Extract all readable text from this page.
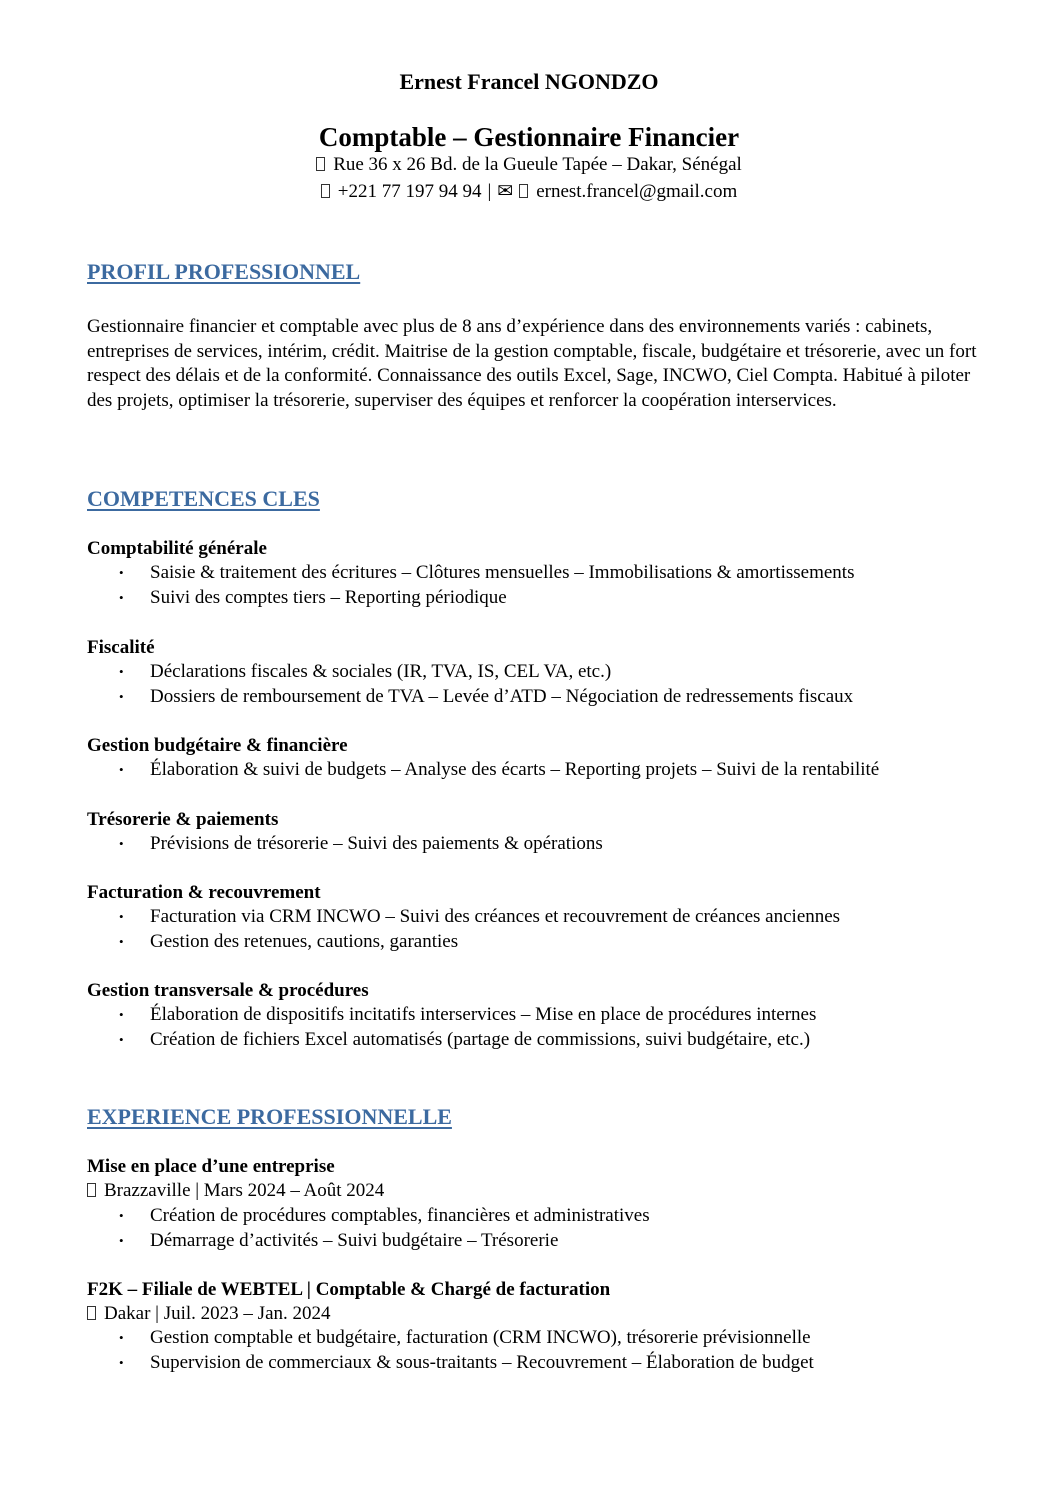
Ernest Francel NGONDZO
Comptable – Gestionnaire Financier
Rue 36 x 26 Bd. de la Gueule Tapée – Dakar, Sénégal
+221 77 197 94 94 | ✉ ernest.francel@gmail.com
PROFIL PROFESSIONNEL

Gestionnaire financier et comptable avec plus de 8 ans d’expérience dans des environnements variés : cabinets, entreprises de services, intérim, crédit. Maitrise de la gestion comptable, fiscale, budgétaire et trésorerie, avec un fort respect des délais et de la conformité. Connaissance des outils Excel, Sage, INCWO, Ciel Compta. Habitué à piloter des projets, optimiser la trésorerie, superviser des équipes et renforcer la coopération interservices.

COMPETENCES CLES
Comptabilité générale
• Saisie & traitement des écritures – Clôtures mensuelles – Immobilisations & amortissements
• Suivi des comptes tiers – Reporting périodique
Fiscalité
• Déclarations fiscales & sociales (IR, TVA, IS, CEL VA, etc.)
• Dossiers de remboursement de TVA – Levée d’ATD – Négociation de redressements fiscaux
Gestion budgétaire & financière
• Élaboration & suivi de budgets – Analyse des écarts – Reporting projets – Suivi de la rentabilité
Trésorerie & paiements
• Prévisions de trésorerie – Suivi des paiements & opérations
Facturation & recouvrement
• Facturation via CRM INCWO – Suivi des créances et recouvrement de créances anciennes
• Gestion des retenues, cautions, garanties
Gestion transversale & procédures
• Élaboration de dispositifs incitatifs interservices – Mise en place de procédures internes
• Création de fichiers Excel automatisés (partage de commissions, suivi budgétaire, etc.)
EXPERIENCE PROFESSIONNELLE
Mise en place d’une entreprise
Brazzaville | Mars 2024 – Août 2024
• Création de procédures comptables, financières et administratives
• Démarrage d’activités – Suivi budgétaire – Trésorerie
F2K – Filiale de WEBTEL | Comptable & Chargé de facturation
Dakar | Juil. 2023 – Jan. 2024
• Gestion comptable et budgétaire, facturation (CRM INCWO), trésorerie prévisionnelle
• Supervision de commerciaux & sous-traitants – Recouvrement – Élaboration de budget
